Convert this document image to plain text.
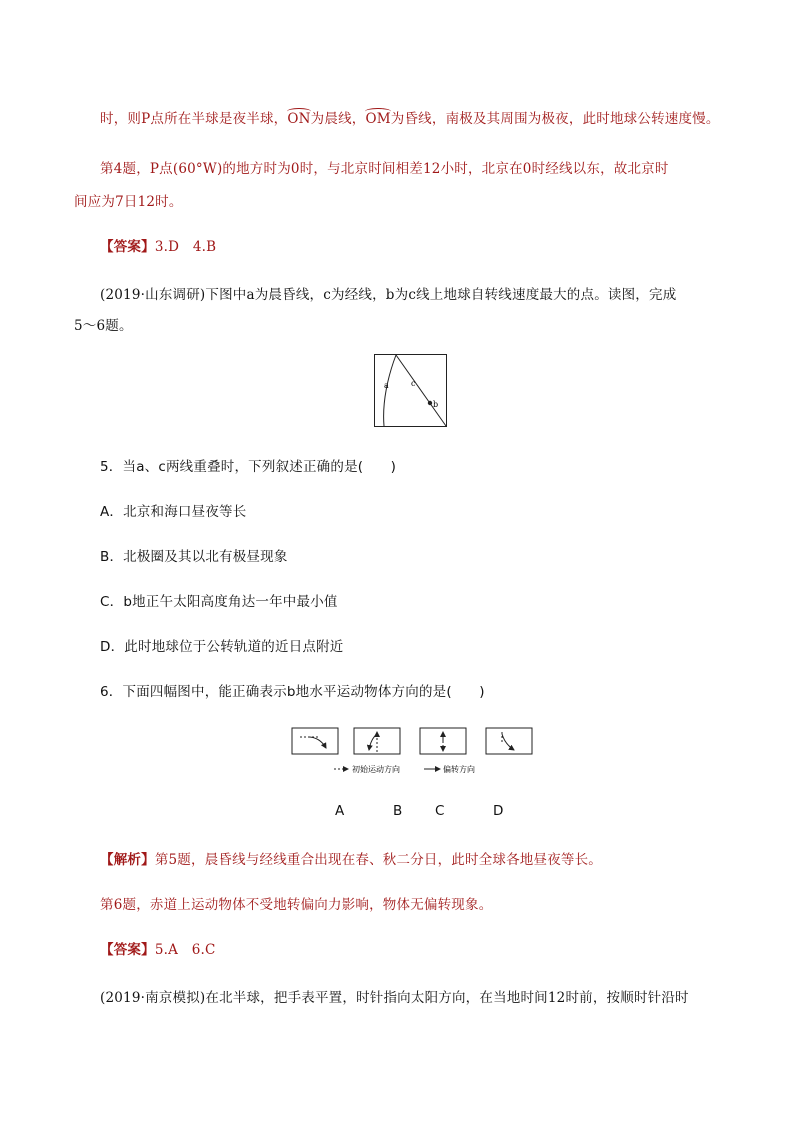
时，则P点所在半球是夜半球，ON为晨线，OM为昏线，南极及其周围为极夜，此时地球公转速度慢。
第4题，P点(60°W)的地方时为0时，与北京时间相差12小时，北京在0时经线以东，故北京时
间应为7日12时。
【答案】3.D　4.B
(2019·山东调研)下图中a为晨昏线，c为经线，b为c线上地球自转线速度最大的点。读图，完成
5～6题。
a	c
b
5．当a、c两线重叠时，下列叙述正确的是(　　)
A．北京和海口昼夜等长
B．北极圈及其以北有极昼现象
C．b地正午太阳高度角达一年中最小值
D．此时地球位于公转轨道的近日点附近
6．下面四幅图中，能正确表示b地水平运动物体方向的是(　　)
初始运动方向	偏转方向
A	B C	D
【解析】第5题，晨昏线与经线重合出现在春、秋二分日，此时全球各地昼夜等长。
第6题，赤道上运动物体不受地转偏向力影响，物体无偏转现象。
【答案】5.A　6.C
(2019·南京模拟)在北半球，把手表平置，时针指向太阳方向，在当地时间12时前，按顺时针沿时
